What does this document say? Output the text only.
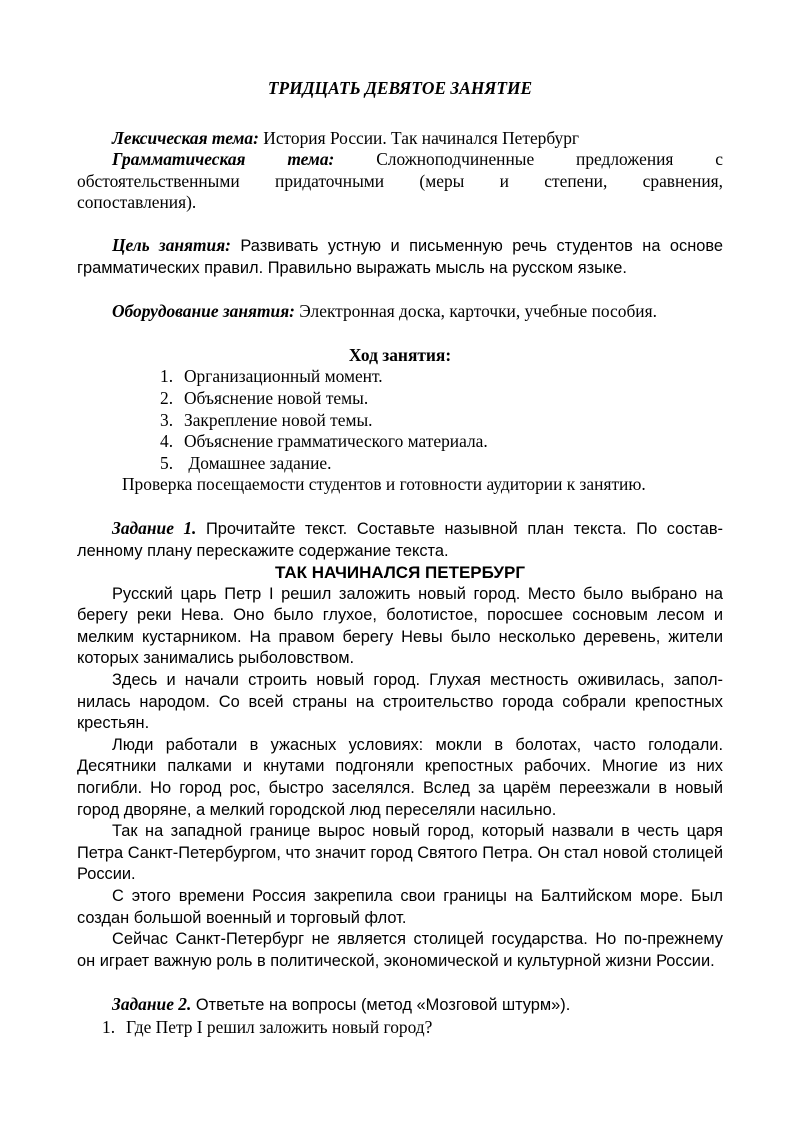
ТРИДЦАТЬ ДЕВЯТОЕ ЗАНЯТИЕ

Лексическая тема: История России. Так начинался Петербург

Грамматическая тема: Сложноподчиненные предложения с

обстоятельственными придаточными (меры и степени, сравнения,

сопоставления).

Цель занятия: Развивать устную и письменную речь студентов на основе грамматических правил. Правильно выражать мысль на русском языке.

Оборудование занятия: Электронная доска, карточки, учебные пособия.

Ход занятия:

1. Организационный момент.
2. Объяснение новой темы.
3. Закрепление новой темы.
4. Объяснение грамматического материала.
5. Домашнее задание.

Проверка посещаемости студентов и готовности аудитории к занятию.

Задание 1. Прочитайте текст. Составьте назывной план текста. По состав-

ленному плану перескажите содержание текста.

ТАК НАЧИНАЛСЯ ПЕТЕРБУРГ

Русский царь Петр I решил заложить новый город. Место было выбрано на берегу реки Нева. Оно было глухое, болотистое, поросшее сосновым лесом и мелким кустарником. На правом берегу Невы было несколько деревень, жители которых занимались рыболовством.

Здесь и начали строить новый город. Глухая местность оживилась, запол-нилась народом. Со всей страны на строительство города собрали крепостных крестьян.

Люди работали в ужасных условиях: мокли в болотах, часто голодали. Десятники палками и кнутами подгоняли крепостных рабочих. Многие из них погибли. Но город рос, быстро заселялся. Вслед за царём переезжали в новый город дворяне, а мелкий городской люд переселяли насильно.

Так на западной границе вырос новый город, который назвали в честь царя Петра Санкт-Петербургом, что значит город Святого Петра. Он стал новой столицей России.

С этого времени Россия закрепила свои границы на Балтийском море. Был создан большой военный и торговый флот.

Сейчас Санкт-Петербург не является столицей государства. Но по-прежнему он играет важную роль в политической, экономической и культурной жизни России.

Задание 2. Ответьте на вопросы (метод «Мозговой штурм»).

1. Где Петр I решил заложить новый город?
